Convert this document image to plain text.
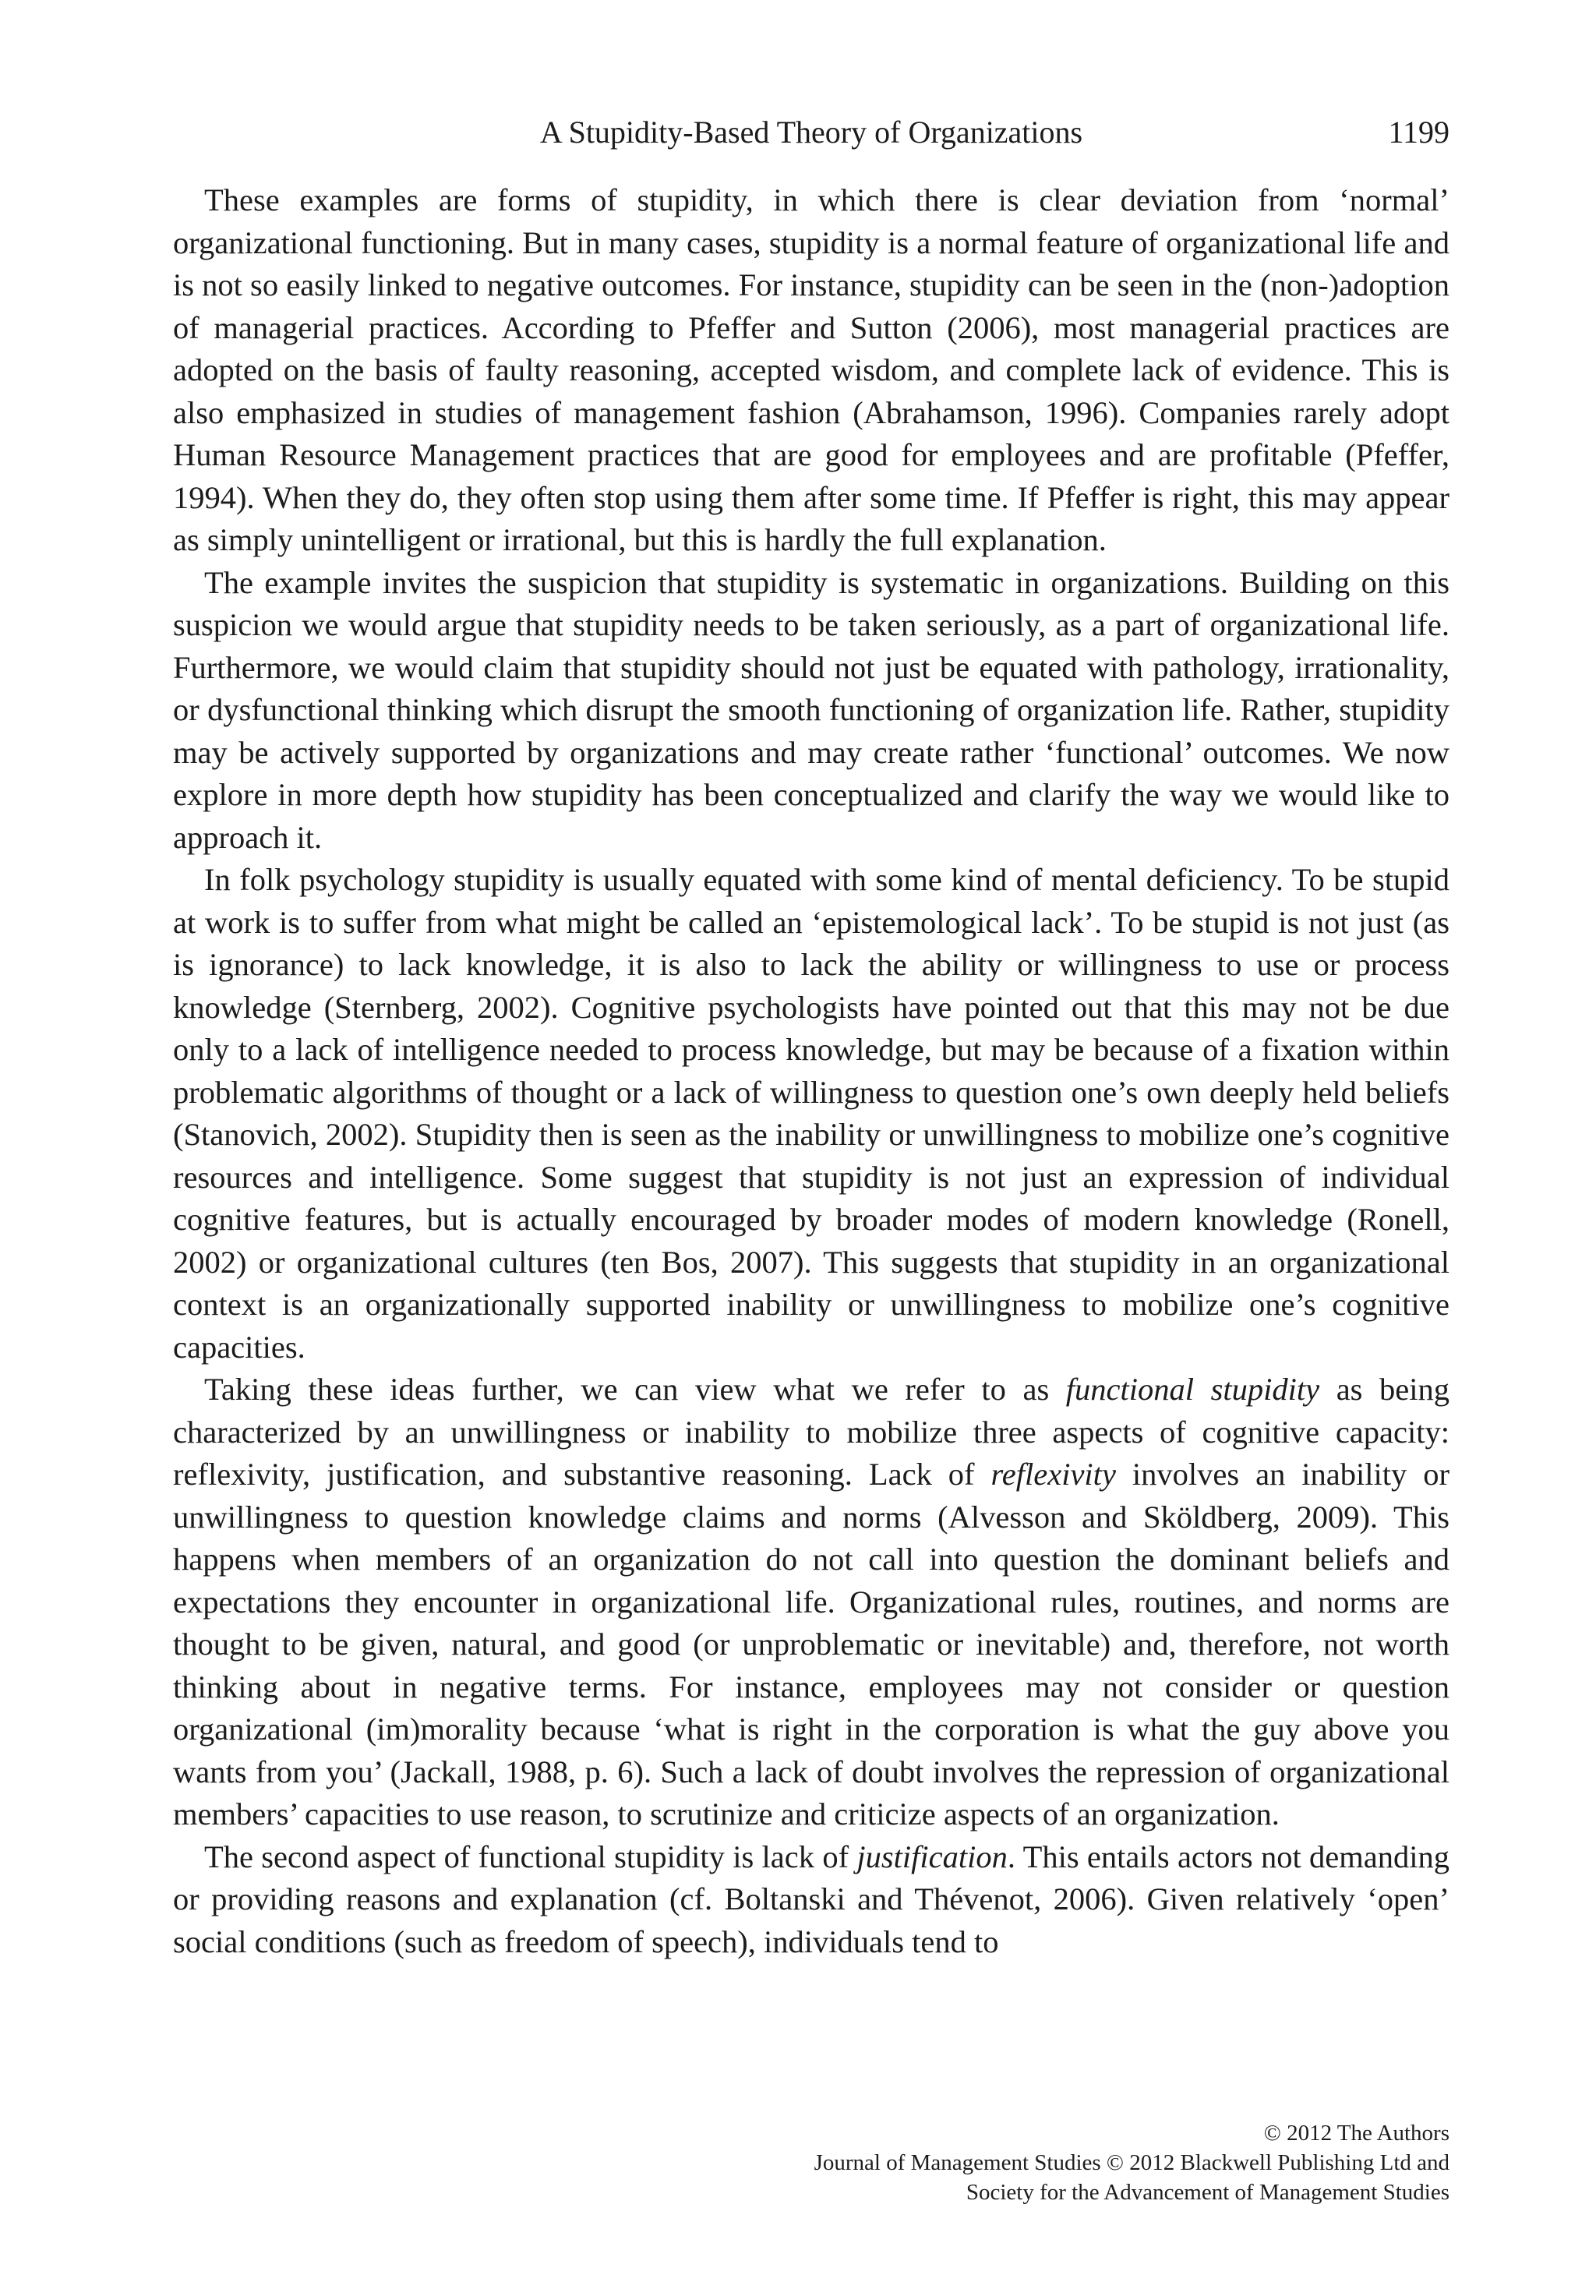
A Stupidity-Based Theory of Organizations	1199

These examples are forms of stupidity, in which there is clear deviation from ‘normal’ organizational functioning. But in many cases, stupidity is a normal feature of organizational life and is not so easily linked to negative outcomes. For instance, stupidity can be seen in the (non-)adoption of managerial practices. According to Pfeffer and Sutton (2006), most managerial practices are adopted on the basis of faulty reasoning, accepted wisdom, and complete lack of evidence. This is also emphasized in studies of management fashion (Abrahamson, 1996). Companies rarely adopt Human Resource Management practices that are good for employees and are profitable (Pfeffer, 1994). When they do, they often stop using them after some time. If Pfeffer is right, this may appear as simply unintelligent or irrational, but this is hardly the full explanation.

The example invites the suspicion that stupidity is systematic in organizations. Building on this suspicion we would argue that stupidity needs to be taken seriously, as a part of organizational life. Furthermore, we would claim that stupidity should not just be equated with pathology, irrationality, or dysfunctional thinking which disrupt the smooth functioning of organization life. Rather, stupidity may be actively supported by organizations and may create rather ‘functional’ outcomes. We now explore in more depth how stupidity has been conceptualized and clarify the way we would like to approach it.

In folk psychology stupidity is usually equated with some kind of mental deficiency. To be stupid at work is to suffer from what might be called an ‘epistemological lack’. To be stupid is not just (as is ignorance) to lack knowledge, it is also to lack the ability or willingness to use or process knowledge (Sternberg, 2002). Cognitive psychologists have pointed out that this may not be due only to a lack of intelligence needed to process knowledge, but may be because of a fixation within problematic algorithms of thought or a lack of willingness to question one’s own deeply held beliefs (Stanovich, 2002). Stupidity then is seen as the inability or unwillingness to mobilize one’s cognitive resources and intelligence. Some suggest that stupidity is not just an expression of individual cognitive features, but is actually encouraged by broader modes of modern knowledge (Ronell, 2002) or organizational cultures (ten Bos, 2007). This suggests that stupidity in an organizational context is an organizationally supported inability or unwillingness to mobilize one’s cognitive capacities.

Taking these ideas further, we can view what we refer to as functional stupidity as being characterized by an unwillingness or inability to mobilize three aspects of cognitive capacity: reflexivity, justification, and substantive reasoning. Lack of reflexivity involves an inability or unwillingness to question knowledge claims and norms (Alvesson and Sköldberg, 2009). This happens when members of an organization do not call into question the dominant beliefs and expectations they encounter in organizational life. Organizational rules, routines, and norms are thought to be given, natural, and good (or unproblematic or inevitable) and, therefore, not worth thinking about in negative terms. For instance, employees may not consider or question organizational (im)morality because ‘what is right in the corporation is what the guy above you wants from you’ (Jackall, 1988, p. 6). Such a lack of doubt involves the repression of organizational members’ capacities to use reason, to scrutinize and criticize aspects of an organization.

The second aspect of functional stupidity is lack of justification. This entails actors not demanding or providing reasons and explanation (cf. Boltanski and Thévenot, 2006). Given relatively ‘open’ social conditions (such as freedom of speech), individuals tend to

© 2012 The Authors
Journal of Management Studies © 2012 Blackwell Publishing Ltd and
Society for the Advancement of Management Studies
